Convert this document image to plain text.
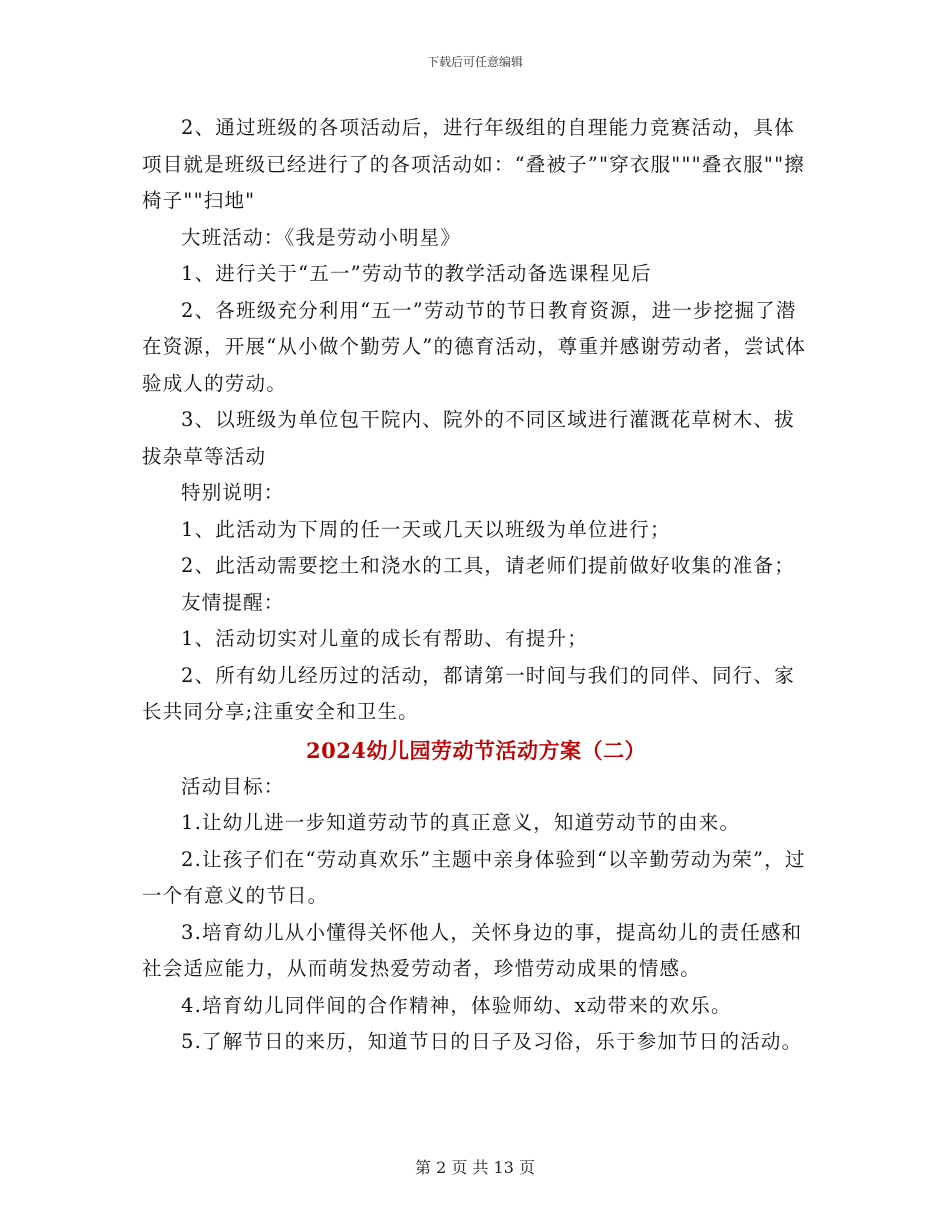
下载后可任意编辑

2、通过班级的各项活动后，进行年级组的自理能力竞赛活动，具体项目就是班级已经进行了的各项活动如：“叠被子”"穿衣服"""叠衣服""擦椅子""扫地"

大班活动：《我是劳动小明星》

1、进行关于“五一”劳动节的教学活动备选课程见后

2、各班级充分利用“五一”劳动节的节日教育资源，进一步挖掘了潜在资源，开展“从小做个勤劳人”的德育活动，尊重并感谢劳动者，尝试体验成人的劳动。

3、以班级为单位包干院内、院外的不同区域进行灌溉花草树木、拔拔杂草等活动

特别说明：

1、此活动为下周的任一天或几天以班级为单位进行；

2、此活动需要挖土和浇水的工具，请老师们提前做好收集的准备；

友情提醒：

1、活动切实对儿童的成长有帮助、有提升；

2、所有幼儿经历过的活动，都请第一时间与我们的同伴、同行、家长共同分享;注重安全和卫生。

2024幼儿园劳动节活动方案（二）

活动目标：

1.让幼儿进一步知道劳动节的真正意义，知道劳动节的由来。

2.让孩子们在“劳动真欢乐”主题中亲身体验到“以辛勤劳动为荣”，过一个有意义的节日。

3.培育幼儿从小懂得关怀他人，关怀身边的事，提高幼儿的责任感和社会适应能力，从而萌发热爱劳动者，珍惜劳动成果的情感。

4.培育幼儿同伴间的合作精神，体验师幼、x动带来的欢乐。

5.了解节日的来历，知道节日的日子及习俗，乐于参加节日的活动。

第 2 页 共 13 页
